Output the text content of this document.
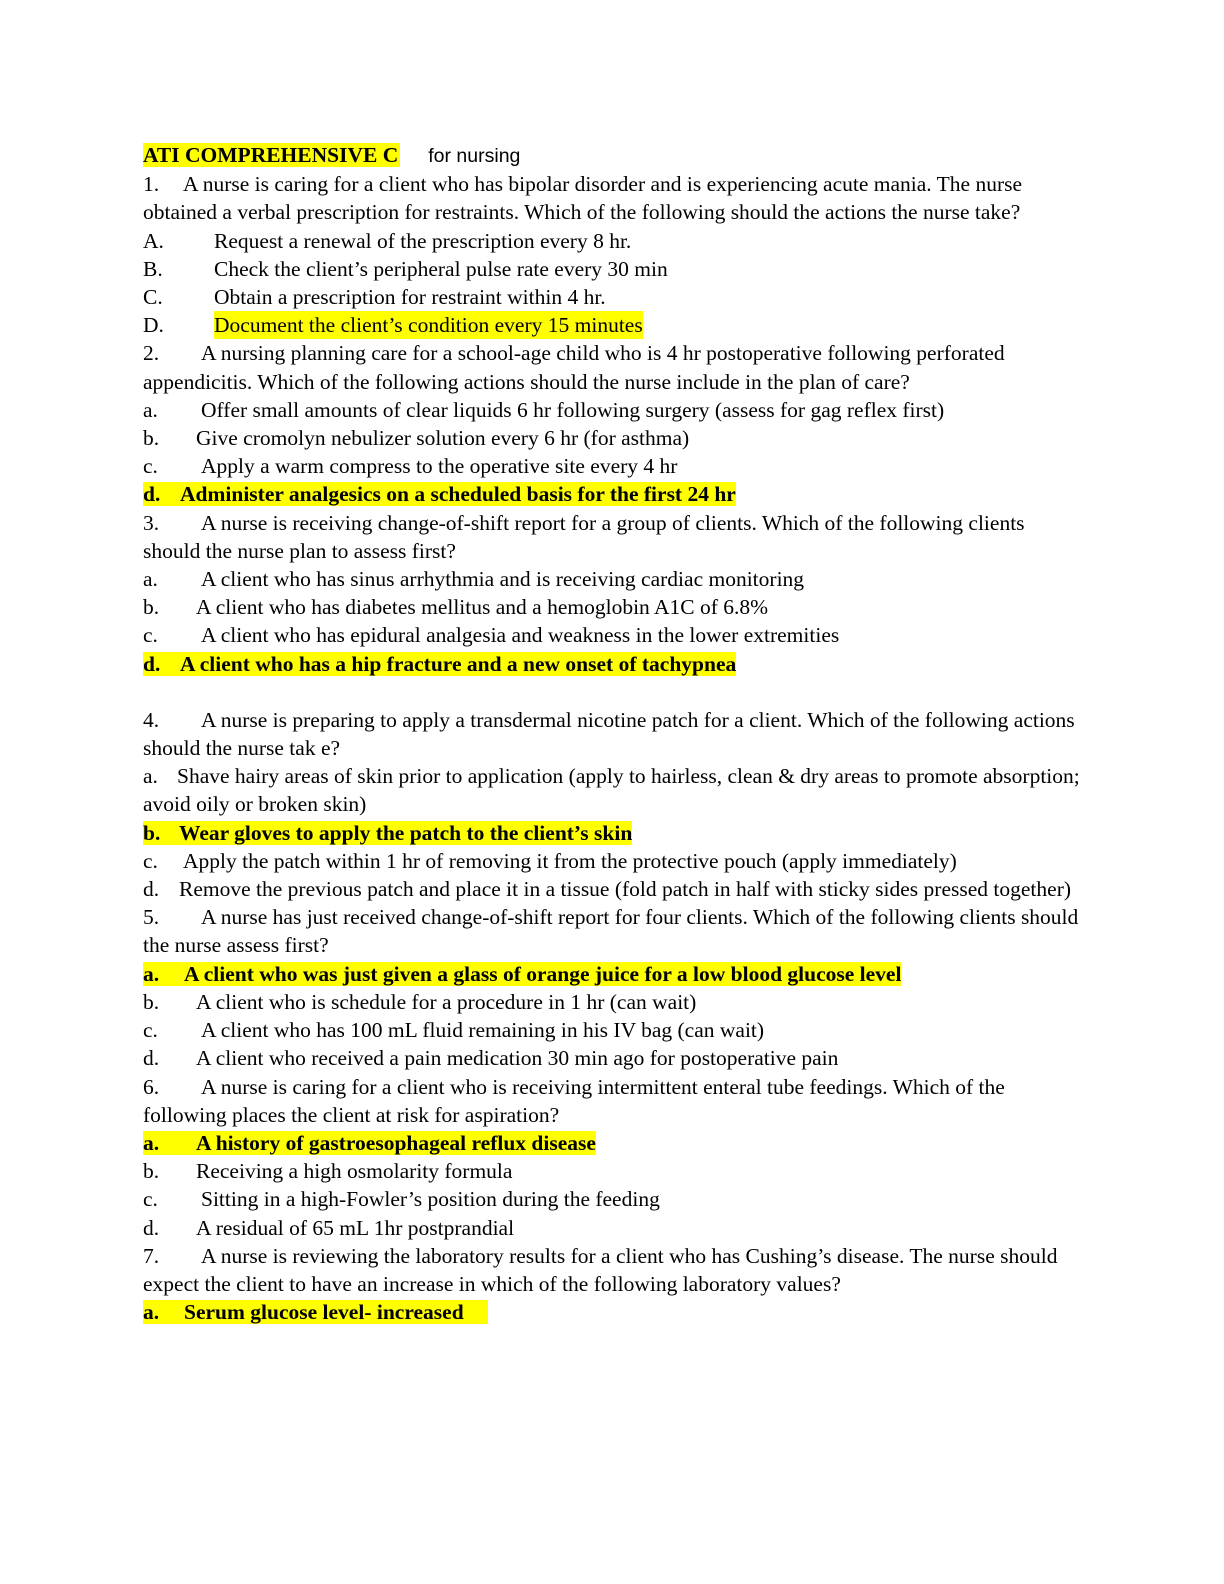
ATI COMPREHENSIVE C for nursing
1. A nurse is caring for a client who has bipolar disorder and is experiencing acute mania. The nurse obtained a verbal prescription for restraints. Which of the following should the actions the nurse take?
A.	Request a renewal of the prescription every 8 hr.
B.	Check the client’s peripheral pulse rate every 30 min
C.	Obtain a prescription for restraint within 4 hr.
D.	Document the client’s condition every 15 minutes
2. A nursing planning care for a school-age child who is 4 hr postoperative following perforated appendicitis. Which of the following actions should the nurse include in the plan of care?
a.	Offer small amounts of clear liquids 6 hr following surgery (assess for gag reflex first)
b.	Give cromolyn nebulizer solution every 6 hr (for asthma)
c.	Apply a warm compress to the operative site every 4 hr
d. Administer analgesics on a scheduled basis for the first 24 hr
3. A nurse is receiving change-of-shift report for a group of clients. Which of the following clients should the nurse plan to assess first?
a.	A client who has sinus arrhythmia and is receiving cardiac monitoring
b.	A client who has diabetes mellitus and a hemoglobin A1C of 6.8%
c.	A client who has epidural analgesia and weakness in the lower extremities
d. A client who has a hip fracture and a new onset of tachypnea
4. A nurse is preparing to apply a transdermal nicotine patch for a client. Which of the following actions should the nurse tak e?
a. Shave hairy areas of skin prior to application (apply to hairless, clean & dry areas to promote absorption; avoid oily or broken skin)
b. Wear gloves to apply the patch to the client’s skin
c. Apply the patch within 1 hr of removing it from the protective pouch (apply immediately)
d. Remove the previous patch and place it in a tissue (fold patch in half with sticky sides pressed together)
5. A nurse has just received change-of-shift report for four clients. Which of the following clients should the nurse assess first?
a. A client who was just given a glass of orange juice for a low blood glucose level
b.	A client who is schedule for a procedure in 1 hr (can wait)
c.	A client who has 100 mL fluid remaining in his IV bag (can wait)
d.	A client who received a pain medication 30 min ago for postoperative pain
6. A nurse is caring for a client who is receiving intermittent enteral tube feedings. Which of the following places the client at risk for aspiration?
a. A history of gastroesophageal reflux disease
b.	Receiving a high osmolarity formula
c.	Sitting in a high-Fowler’s position during the feeding
d.	A residual of 65 mL 1hr postprandial
7. A nurse is reviewing the laboratory results for a client who has Cushing’s disease. The nurse should expect the client to have an increase in which of the following laboratory values?
a. Serum glucose level- increased
